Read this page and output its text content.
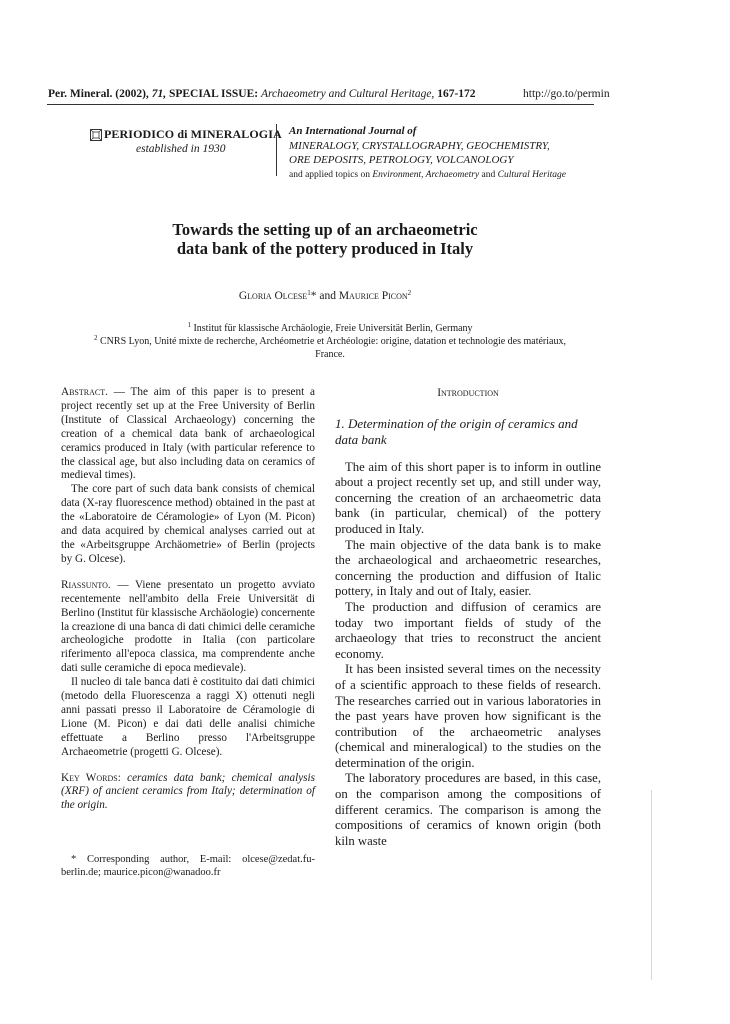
Per. Mineral. (2002), 71, SPECIAL ISSUE: Archaeometry and Cultural Heritage, 167-172	http://go.to/permin
PERIODICO di MINERALOGIA
established in 1930
An International Journal of
MINERALOGY, CRYSTALLOGRAPHY, GEOCHEMISTRY,
ORE DEPOSITS, PETROLOGY, VOLCANOLOGY
and applied topics on Environment, Archaeometry and Cultural Heritage
Towards the setting up of an archaeometric
data bank of the pottery produced in Italy
Gloria Olcese$^1$* and Maurice Picon$^2$
$^1$ Institut für klassische Archäologie, Freie Universität Berlin, Germany
$^2$ CNRS Lyon, Unité mixte de recherche, Archéometrie et Archéologie: origine, datation et technologie des matériaux,
France.

Abstract. — The aim of this paper is to present a project recently set up at the Free University of Berlin (Institute of Classical Archaeology) concerning the creation of a chemical data bank of archaeological ceramics produced in Italy (with particular reference to the classical age, but also including data on ceramics of medieval times).

The core part of such data bank consists of chemical data (X-ray fluorescence method) obtained in the past at the «Laboratoire de Céramologie» of Lyon (M. Picon) and data acquired by chemical analyses carried out at the «Arbeitsgruppe Archäometrie» of Berlin (projects by G. Olcese).

Riassunto. — Viene presentato un progetto avviato recentemente nell'ambito della Freie Universität di Berlino (Institut für klassische Archäologie) concernente la creazione di una banca di dati chimici delle ceramiche archeologiche prodotte in Italia (con particolare riferimento all'epoca classica, ma comprendente anche dati sulle ceramiche di epoca medievale).

Il nucleo di tale banca dati è costituito dai dati chimici (metodo della Fluorescenza a raggi X) ottenuti negli anni passati presso il Laboratoire de Céramologie di Lione (M. Picon) e dai dati delle analisi chimiche effettuate a Berlino presso l'Arbeitsgruppe Archaeometrie (progetti G. Olcese).

Key Words: ceramics data bank; chemical analysis (XRF) of ancient ceramics from Italy; determination of the origin.

* Corresponding author, E-mail: olcese@zedat.fu-berlin.de; maurice.picon@wanadoo.fr

Introduction
1. Determination of the origin of ceramics and data bank

The aim of this short paper is to inform in outline about a project recently set up, and still under way, concerning the creation of an archaeometric data bank (in particular, chemical) of the pottery produced in Italy.

The main objective of the data bank is to make the archaeological and archaeometric researches, concerning the production and diffusion of Italic pottery, in Italy and out of Italy, easier.

The production and diffusion of ceramics are today two important fields of study of the archaeology that tries to reconstruct the ancient economy.

It has been insisted several times on the necessity of a scientific approach to these fields of research. The researches carried out in various laboratories in the past years have proven how significant is the contribution of the archaeometric analyses (chemical and mineralogical) to the studies on the determination of the origin.

The laboratory procedures are based, in this case, on the comparison among the compositions of different ceramics. The comparison is among the compositions of ceramics of known origin (both kiln waste
